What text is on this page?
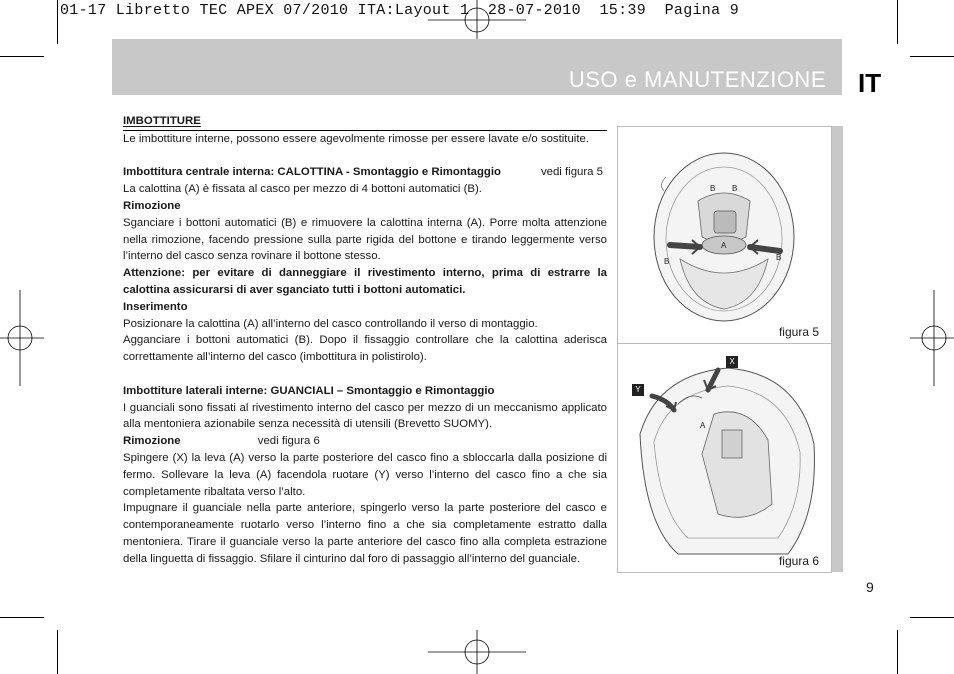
01-17 Libretto TEC APEX 07/2010 ITA:Layout 1  28-07-2010  15:39  Pagina 9
USO e MANUTENZIONE IT

IMBOTTITURE

Le imbottiture interne, possono essere agevolmente rimosse per essere lavate e/o sostituite.

Imbottitura centrale interna: CALOTTINA - Smontaggio e Rimontaggio	vedi figura 5

La calottina (A) è fissata al casco per mezzo di 4 bottoni automatici (B).

Rimozione

Sganciare i bottoni automatici (B) e rimuovere la calottina interna (A). Porre molta attenzione nella rimozione, facendo pressione sulla parte rigida del bottone e tirando leggermente verso l’interno del casco senza rovinare il bottone stesso.

Attenzione: per evitare di danneggiare il rivestimento interno, prima di estrarre la calottina assicurarsi di aver sganciato tutti i bottoni automatici.

Inserimento

Posizionare la calottina (A) all’interno del casco controllando il verso di montaggio.

Agganciare i bottoni automatici (B). Dopo il fissaggio controllare che la calottina aderisca correttamente all’interno del casco (imbottitura in polistirolo).

Imbottiture laterali interne: GUANCIALI – Smontaggio e Rimontaggio

I guanciali sono fissati al rivestimento interno del casco per mezzo di un meccanismo applicato alla mentoniera azionabile senza necessità di utensili (Brevetto SUOMY).

Rimozione	vedi figura 6

Spingere (X) la leva (A) verso la parte posteriore del casco fino a sbloccarla dalla posizione di fermo. Sollevare la leva (A) facendola ruotare (Y) verso l’interno del casco fino a che sia completamente ribaltata verso l’alto.

Impugnare il guanciale nella parte anteriore, spingerlo verso la parte posteriore del casco e contemporaneamente ruotarlo verso l’interno fino a che sia completamente estratto dalla mentoniera. Tirare il guanciale verso la parte anteriore del casco fino alla completa estrazione della linguetta di fissaggio. Sfilare il cinturino dal foro di passaggio all’interno del guanciale.

B B
A
B	B
figura 5
A
X
Y
figura 6
9
